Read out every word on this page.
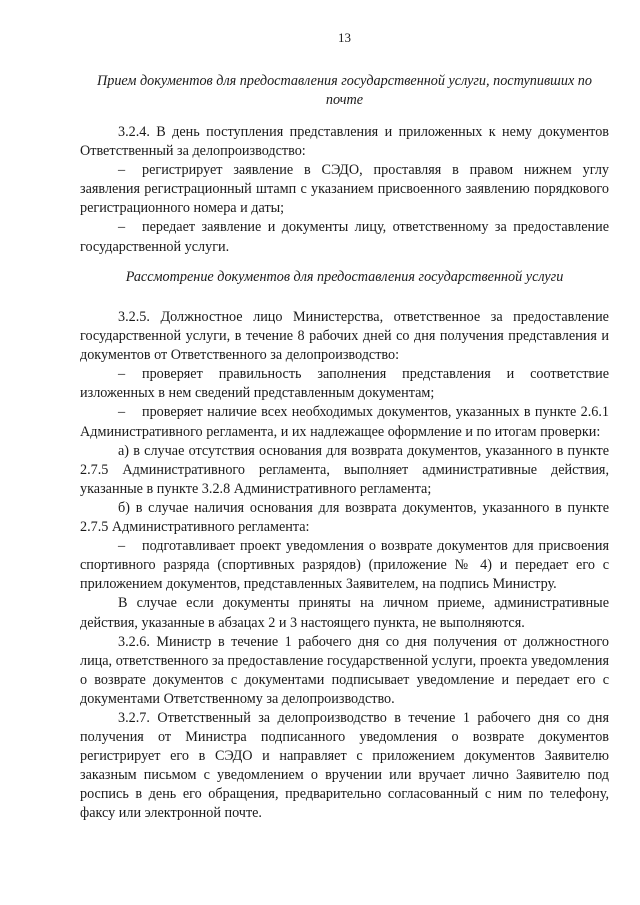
13

Прием документов для предоставления государственной услуги, поступивших по почте

3.2.4. В день поступления представления и приложенных к нему документов Ответственный за делопроизводство:

– регистрирует заявление в СЭДО, проставляя в правом нижнем углу заявления регистрационный штамп с указанием присвоенного заявлению порядкового регистрационного номера и даты;

– передает заявление и документы лицу, ответственному за предоставление государственной услуги.

Рассмотрение документов для предоставления государственной услуги

3.2.5. Должностное лицо Министерства, ответственное за предоставление государственной услуги, в течение 8 рабочих дней со дня получения представления и документов от Ответственного за делопроизводство:

– проверяет правильность заполнения представления и соответствие изложенных в нем сведений представленным документам;

– проверяет наличие всех необходимых документов, указанных в пункте 2.6.1 Административного регламента, и их надлежащее оформление и по итогам проверки:

а) в случае отсутствия основания для возврата документов, указанного в пункте 2.7.5 Административного регламента, выполняет административные действия, указанные в пункте 3.2.8 Административного регламента;

б) в случае наличия основания для возврата документов, указанного в пункте 2.7.5 Административного регламента:

– подготавливает проект уведомления о возврате документов для присвоения спортивного разряда (спортивных разрядов) (приложение № 4) и передает его с приложением документов, представленных Заявителем, на подпись Министру.

В случае если документы приняты на личном приеме, административные действия, указанные в абзацах 2 и 3 настоящего пункта, не выполняются.

3.2.6. Министр в течение 1 рабочего дня со дня получения от должностного лица, ответственного за предоставление государственной услуги, проекта уведомления о возврате документов с документами подписывает уведомление и передает его с документами Ответственному за делопроизводство.

3.2.7. Ответственный за делопроизводство в течение 1 рабочего дня со дня получения от Министра подписанного уведомления о возврате документов регистрирует его в СЭДО и направляет с приложением документов Заявителю заказным письмом с уведомлением о вручении или вручает лично Заявителю под роспись в день его обращения, предварительно согласованный с ним по телефону, факсу или электронной почте.
